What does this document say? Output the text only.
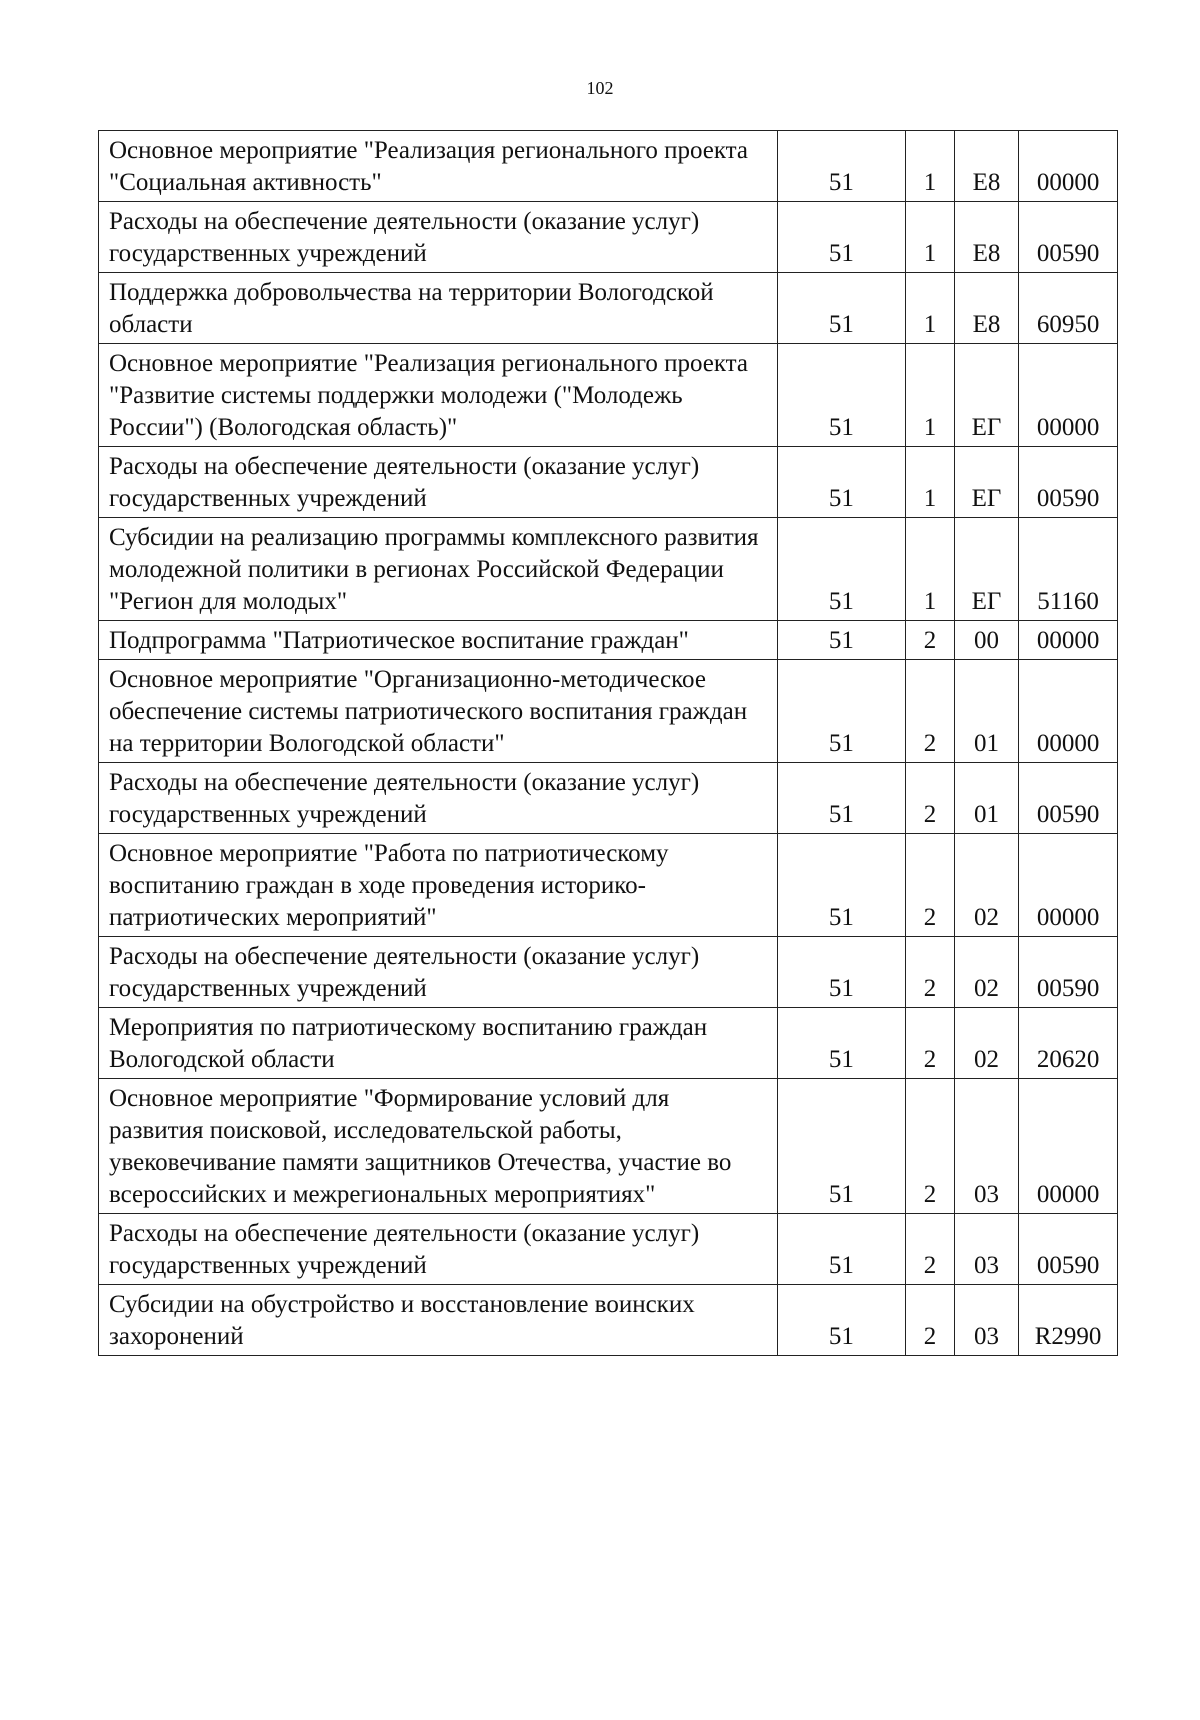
102
Основное мероприятие "Реализация регионального проекта "Социальная активность"	51	1	Е8	00000
Расходы на обеспечение деятельности (оказание услуг) государственных учреждений	51	1	Е8	00590
Поддержка добровольчества на территории Вологодской области	51	1	Е8	60950
Основное мероприятие "Реализация регионального проекта "Развитие системы поддержки молодежи ("Молодежь России") (Вологодская область)"	51	1	ЕГ	00000
Расходы на обеспечение деятельности (оказание услуг) государственных учреждений	51	1	ЕГ	00590
Субсидии на реализацию программы комплексного развития молодежной политики в регионах Российской Федерации "Регион для молодых"	51	1	ЕГ	51160
Подпрограмма "Патриотическое воспитание граждан"	51	2	00	00000
Основное мероприятие "Организационно-методическое обеспечение системы патриотического воспитания граждан на территории Вологодской области"	51	2	01	00000
Расходы на обеспечение деятельности (оказание услуг) государственных учреждений	51	2	01	00590
Основное мероприятие "Работа по патриотическому воспитанию граждан в ходе проведения историко-патриотических мероприятий"	51	2	02	00000
Расходы на обеспечение деятельности (оказание услуг) государственных учреждений	51	2	02	00590
Мероприятия по патриотическому воспитанию граждан Вологодской области	51	2	02	20620
Основное мероприятие "Формирование условий для развития поисковой, исследовательской работы, увековечивание памяти защитников Отечества, участие во всероссийских и межрегиональных мероприятиях"	51	2	03	00000
Расходы на обеспечение деятельности (оказание услуг) государственных учреждений	51	2	03	00590
Субсидии на обустройство и восстановление воинских захоронений	51	2	03	R2990
